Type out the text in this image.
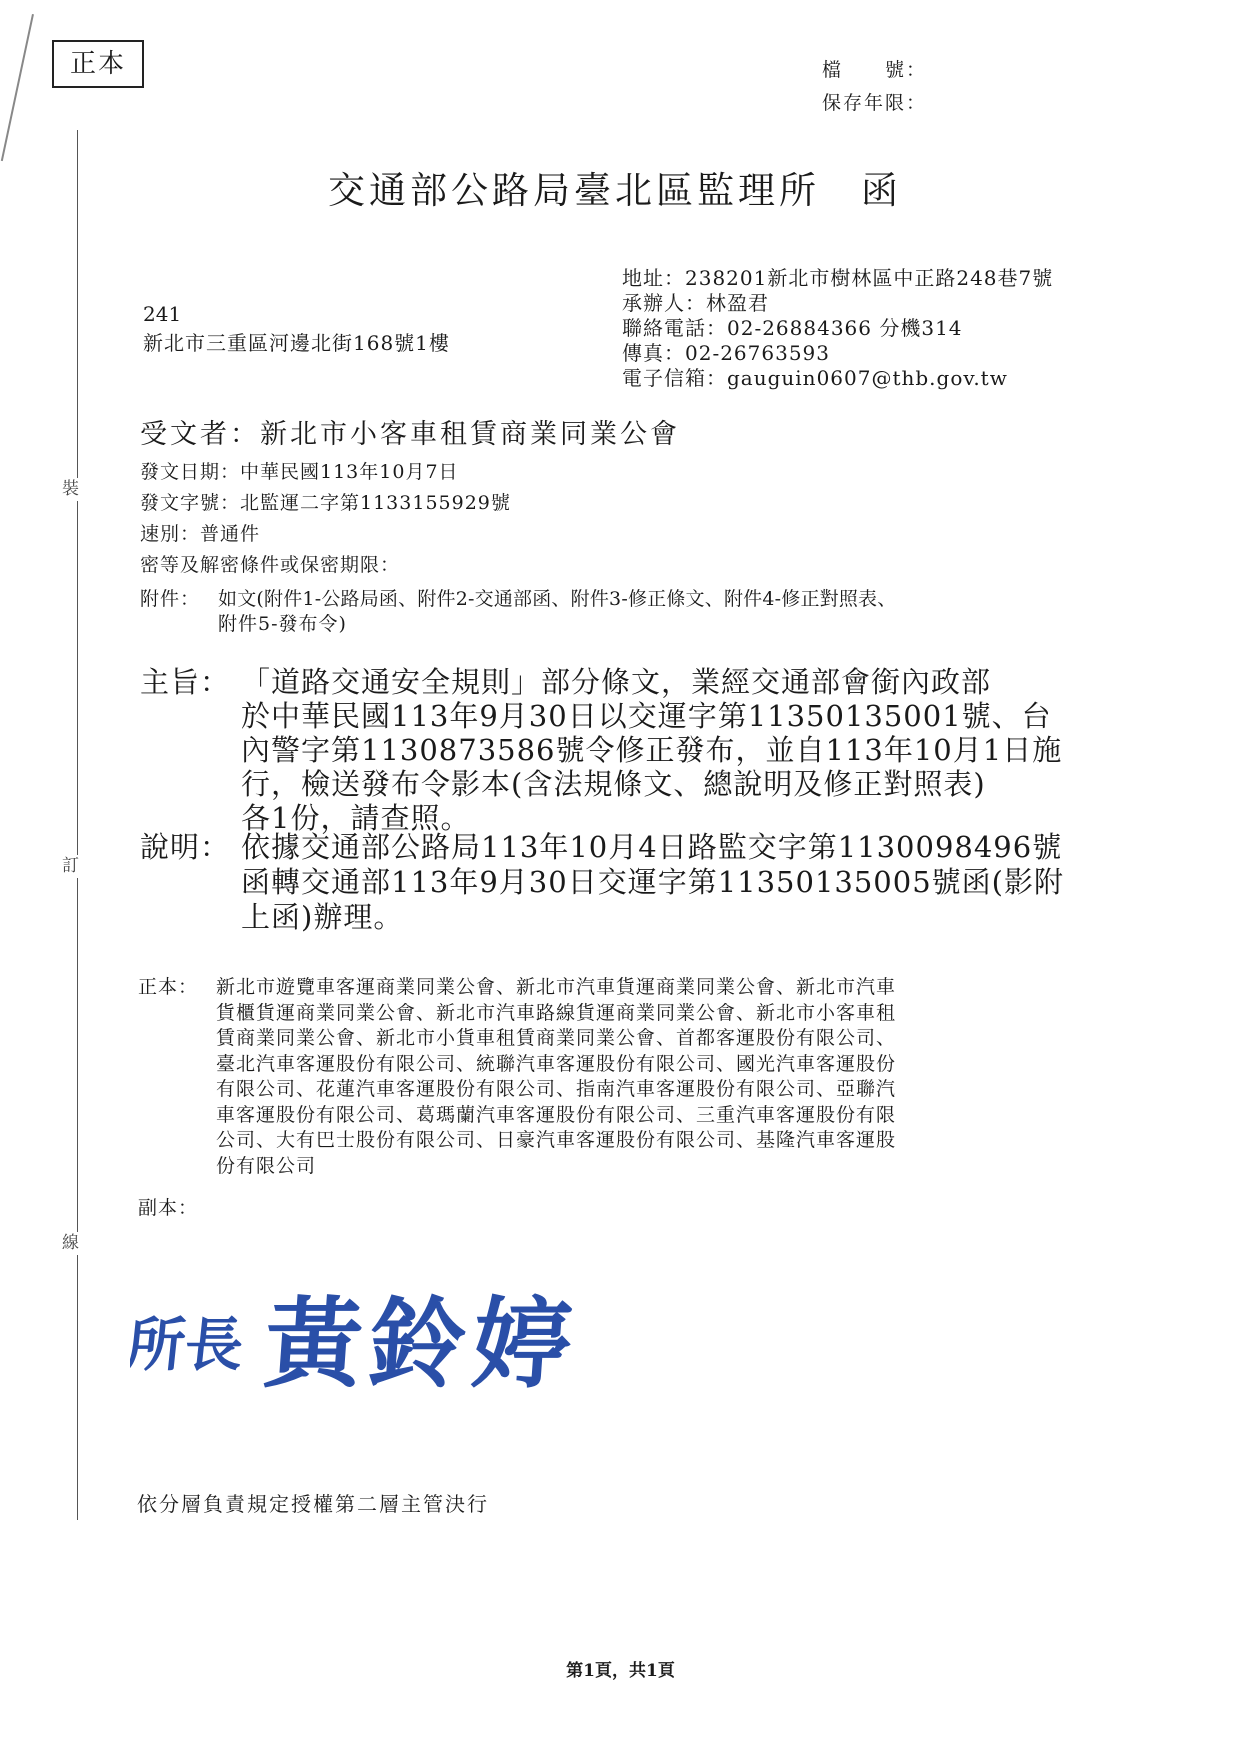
裝
訂
線
正本	檔　　號：
保存年限：
交通部公路局臺北區監理所　函
241
新北市三重區河邊北街168號1樓
地址：238201新北市樹林區中正路248巷7號
承辦人：林盈君
聯絡電話：02-26884366 分機314
傳真：02-26763593
電子信箱：gauguin0607@thb.gov.tw
受文者：新北市小客車租賃商業同業公會
發文日期：中華民國113年10月7日
發文字號：北監運二字第1133155929號
速別：普通件
密等及解密條件或保密期限：
附件： 如文(附件1-公路局函、附件2-交通部函、附件3-修正條文、附件4-修正對照表、
附件5-發布令)
主旨： 「道路交通安全規則」部分條文，業經交通部會銜內政部
於中華民國113年9月30日以交運字第11350135001號、台
內警字第1130873586號令修正發布，並自113年10月1日施
行，檢送發布令影本(含法規條文、總說明及修正對照表)
各1份，請查照。
說明： 依據交通部公路局113年10月4日路監交字第1130098496號
函轉交通部113年9月30日交運字第11350135005號函(影附
上函)辦理。
正本： 新北市遊覽車客運商業同業公會、新北市汽車貨運商業同業公會、新北市汽車
貨櫃貨運商業同業公會、新北市汽車路線貨運商業同業公會、新北市小客車租
賃商業同業公會、新北市小貨車租賃商業同業公會、首都客運股份有限公司、
臺北汽車客運股份有限公司、統聯汽車客運股份有限公司、國光汽車客運股份
有限公司、花蓮汽車客運股份有限公司、指南汽車客運股份有限公司、亞聯汽
車客運股份有限公司、葛瑪蘭汽車客運股份有限公司、三重汽車客運股份有限
公司、大有巴士股份有限公司、日豪汽車客運股份有限公司、基隆汽車客運股
份有限公司
副本：
所長 黃鈴婷
依分層負責規定授權第二層主管決行
第1頁，共1頁
